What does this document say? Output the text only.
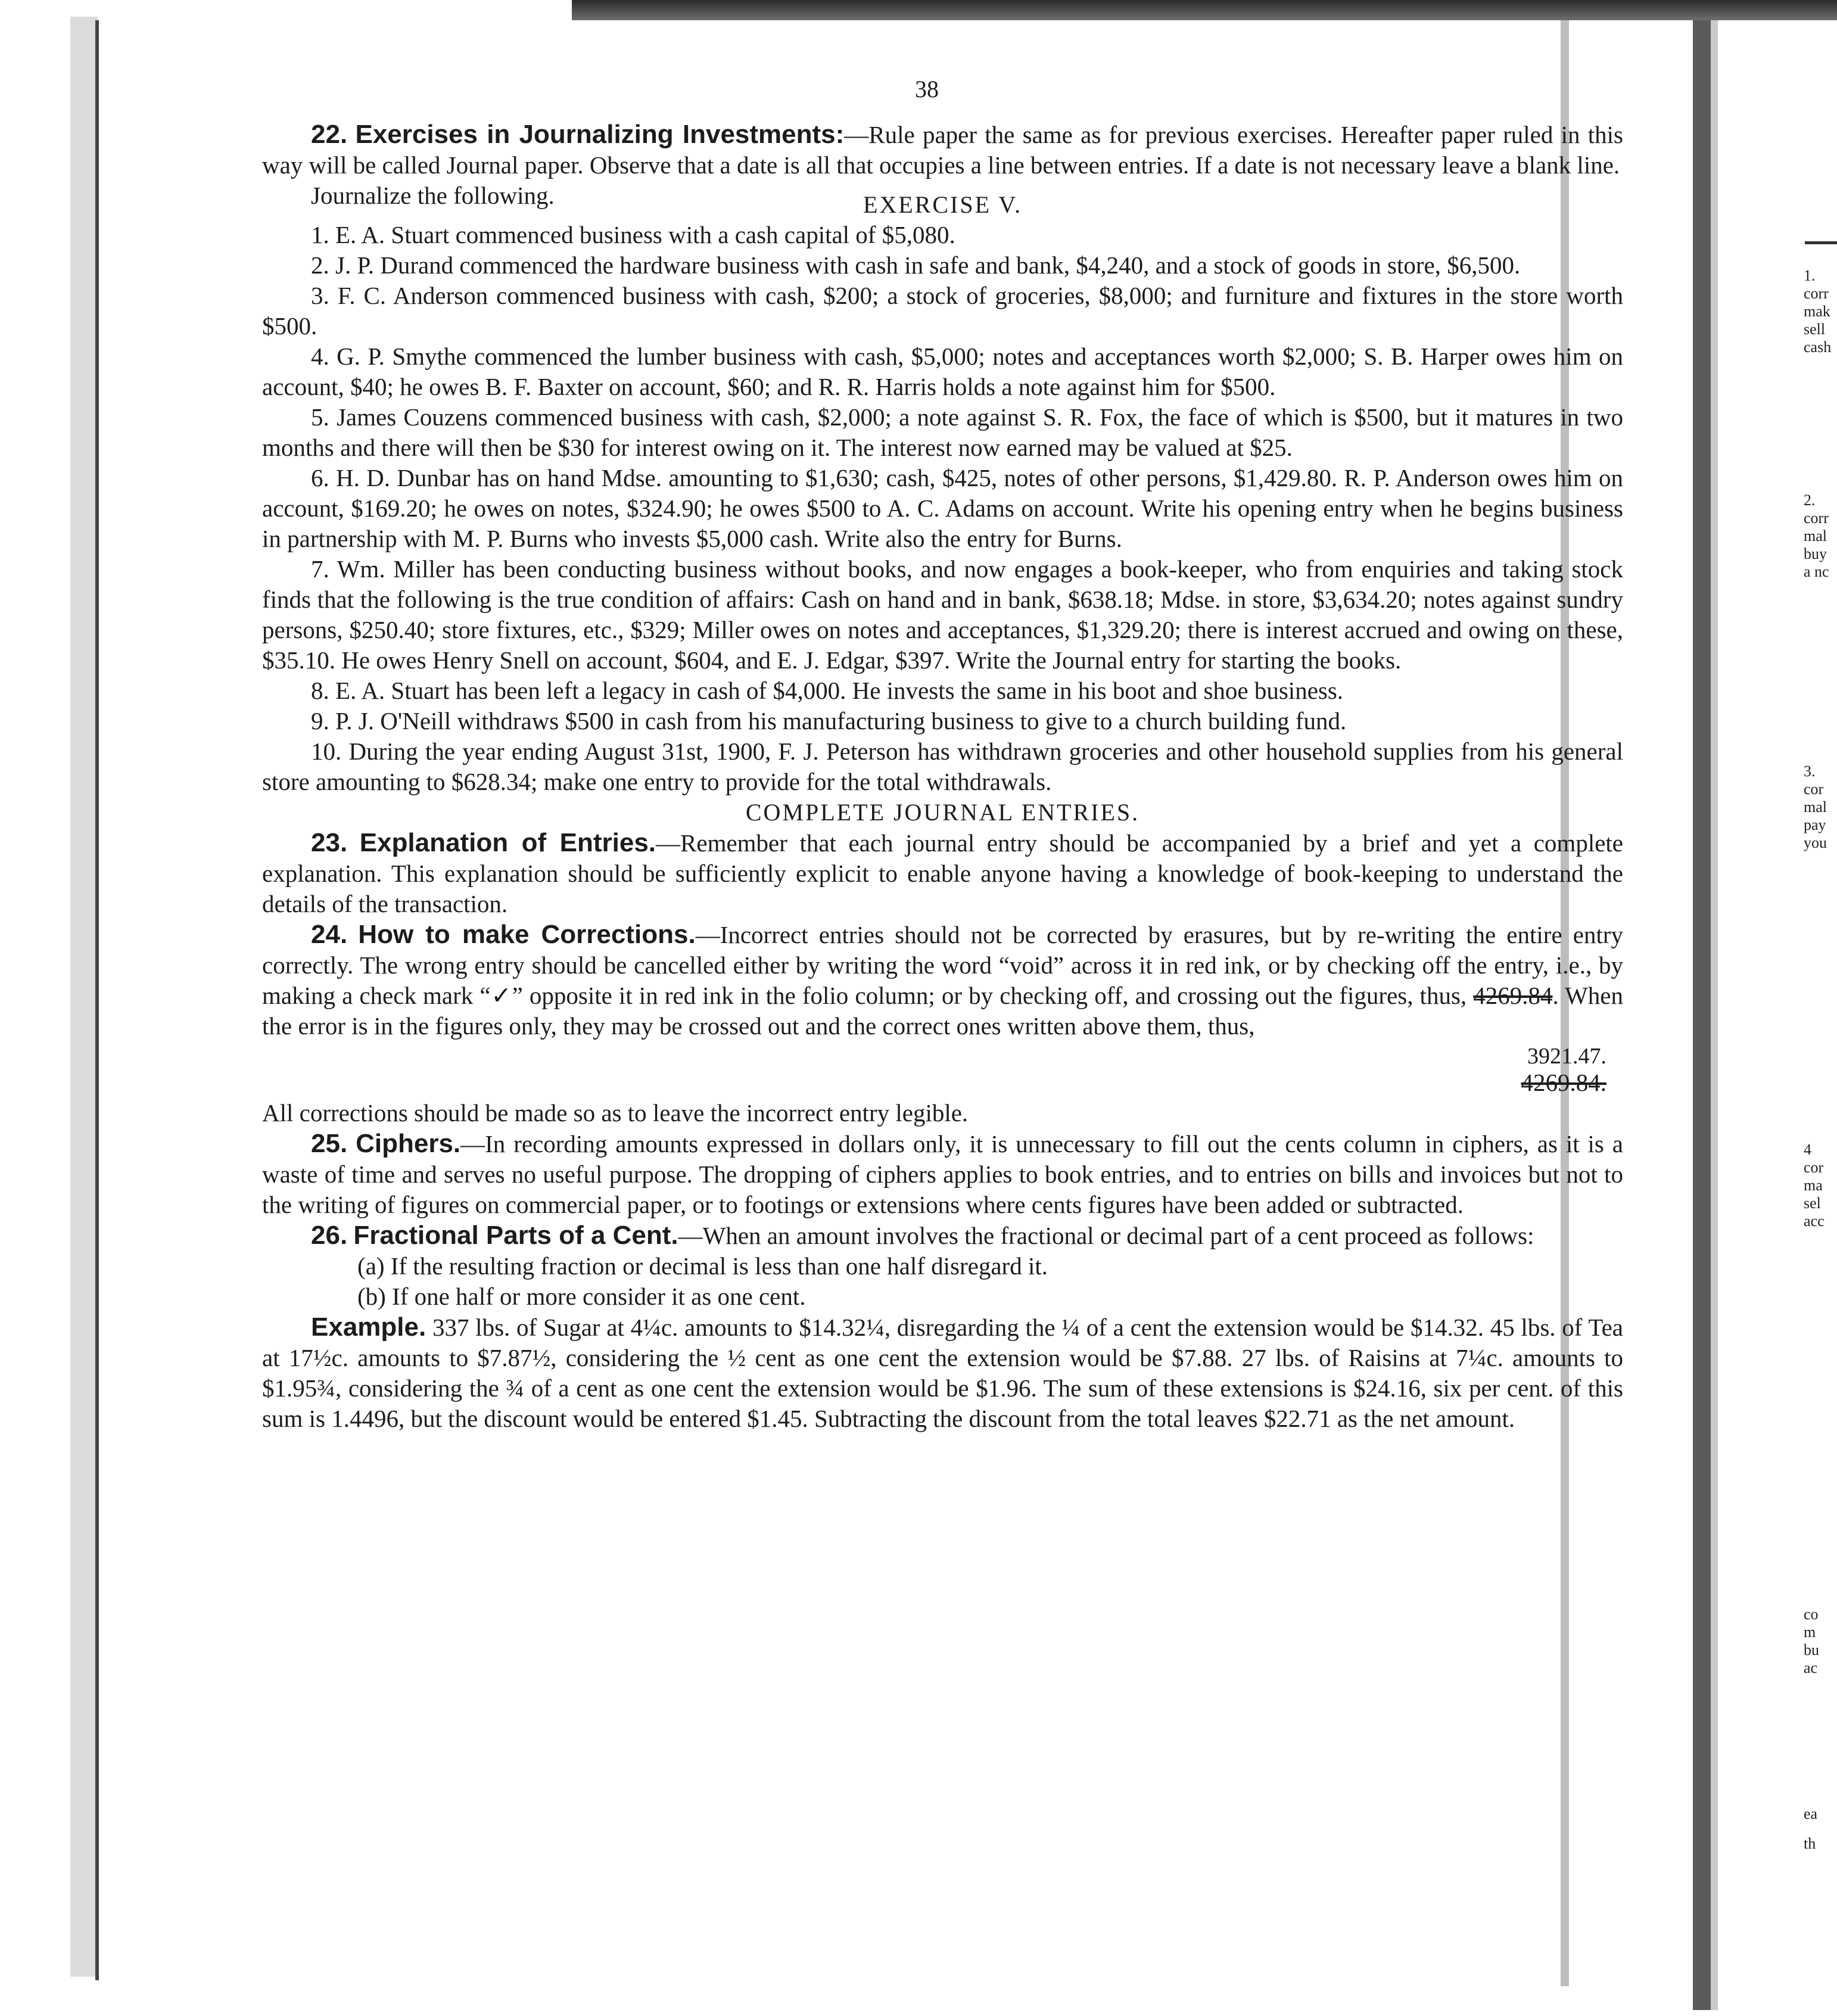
1.
corr
mak
sell
cash
2.
corr
mal
buy
a nc
3.
cor
mal
pay
you
4
cor
ma
sel
acc
co
m
bu
ac
ea
th
38

22. Exercises in Journalizing Investments:—Rule paper the same as for previous exercises. Hereafter paper ruled in this way will be called Journal paper. Observe that a date is all that occupies a line between entries. If a date is not necessary leave a blank line.

Journalize the following.	EXERCISE V.

1. E. A. Stuart commenced business with a cash capital of $5,080.

2. J. P. Durand commenced the hardware business with cash in safe and bank, $4,240, and a stock of goods in store, $6,500.

3. F. C. Anderson commenced business with cash, $200; a stock of groceries, $8,000; and furniture and fixtures in the store worth $500.

4. G. P. Smythe commenced the lumber business with cash, $5,000; notes and acceptances worth $2,000; S. B. Harper owes him on account, $40; he owes B. F. Baxter on account, $60; and R. R. Harris holds a note against him for $500.

5. James Couzens commenced business with cash, $2,000; a note against S. R. Fox, the face of which is $500, but it matures in two months and there will then be $30 for interest owing on it. The interest now earned may be valued at $25.

6. H. D. Dunbar has on hand Mdse. amounting to $1,630; cash, $425, notes of other persons, $1,429.80. R. P. Anderson owes him on account, $169.20; he owes on notes, $324.90; he owes $500 to A. C. Adams on account. Write his opening entry when he begins business in partnership with M. P. Burns who invests $5,000 cash. Write also the entry for Burns.

7. Wm. Miller has been conducting business without books, and now engages a book-keeper, who from enquiries and taking stock finds that the following is the true condition of affairs: Cash on hand and in bank, $638.18; Mdse. in store, $3,634.20; notes against sundry persons, $250.40; store fixtures, etc., $329; Miller owes on notes and acceptances, $1,329.20; there is interest accrued and owing on these, $35.10. He owes Henry Snell on account, $604, and E. J. Edgar, $397. Write the Journal entry for starting the books.

8. E. A. Stuart has been left a legacy in cash of $4,000. He invests the same in his boot and shoe business.

9. P. J. O'Neill withdraws $500 in cash from his manufacturing business to give to a church building fund.

10. During the year ending August 31st, 1900, F. J. Peterson has withdrawn groceries and other household supplies from his general store amounting to $628.34; make one entry to provide for the total withdrawals.

COMPLETE JOURNAL ENTRIES.

23. Explanation of Entries.—Remember that each journal entry should be accompanied by a brief and yet a complete explanation. This explanation should be sufficiently explicit to enable anyone having a knowledge of book-keeping to understand the details of the transaction.

24. How to make Corrections.—Incorrect entries should not be corrected by erasures, but by re-writing the entire entry correctly. The wrong entry should be cancelled either by writing the word “void” across it in red ink, or by checking off the entry, i.e., by making a check mark “✓” opposite it in red ink in the folio column; or by checking off, and crossing out the figures, thus, 4269.84. When the error is in the figures only, they may be crossed out and the correct ones written above them, thus,

3921.47.
4269.84.

All corrections should be made so as to leave the incorrect entry legible.

25. Ciphers.—In recording amounts expressed in dollars only, it is unnecessary to fill out the cents column in ciphers, as it is a waste of time and serves no useful purpose. The dropping of ciphers applies to book entries, and to entries on bills and invoices but not to the writing of figures on commercial paper, or to footings or extensions where cents figures have been added or subtracted.

26. Fractional Parts of a Cent.—When an amount involves the fractional or decimal part of a cent proceed as follows:

(a) If the resulting fraction or decimal is less than one half disregard it.

(b) If one half or more consider it as one cent.

Example. 337 lbs. of Sugar at 4¼c. amounts to $14.32¼, disregarding the ¼ of a cent the extension would be $14.32. 45 lbs. of Tea at 17½c. amounts to $7.87½, considering the ½ cent as one cent the extension would be $7.88. 27 lbs. of Raisins at 7¼c. amounts to $1.95¾, considering the ¾ of a cent as one cent the extension would be $1.96. The sum of these extensions is $24.16, six per cent. of this sum is 1.4496, but the discount would be entered $1.45. Subtracting the discount from the total leaves $22.71 as the net amount.
